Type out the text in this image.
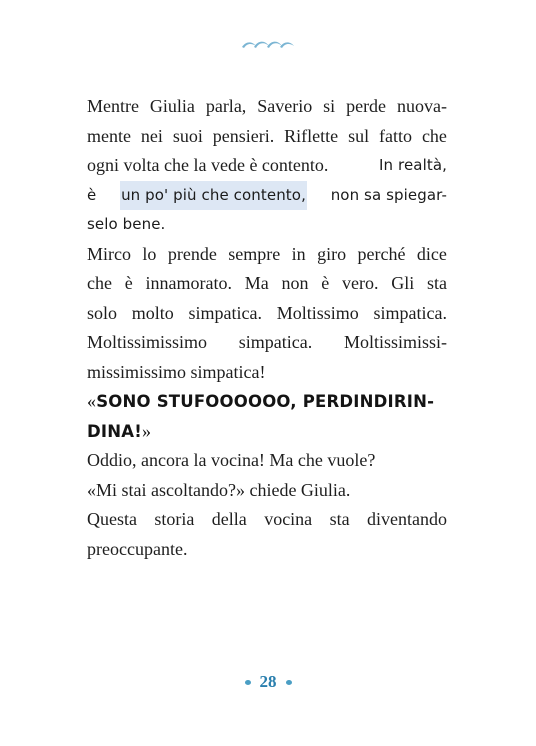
Mentre Giulia parla, Saverio si perde nuova-
mente nei suoi pensieri. Riflette sul fatto che
ogni volta che la vede è contento.	In realtà,
è un po' più che contento, non sa spiegar-
selo bene.
Mirco lo prende sempre in giro perché dice
che è innamorato. Ma non è vero. Gli sta
solo molto simpatica. Moltissimo simpatica.
Moltissimissimo simpatica. Moltissimissi-
missimissimo simpatica!
«SONO STUFOOOOOO, PERDINDIRIN-
DINA!»
Oddio, ancora la vocina! Ma che vuole?
«Mi stai ascoltando?» chiede Giulia.
Questa storia della vocina sta diventando
preoccupante.
28
